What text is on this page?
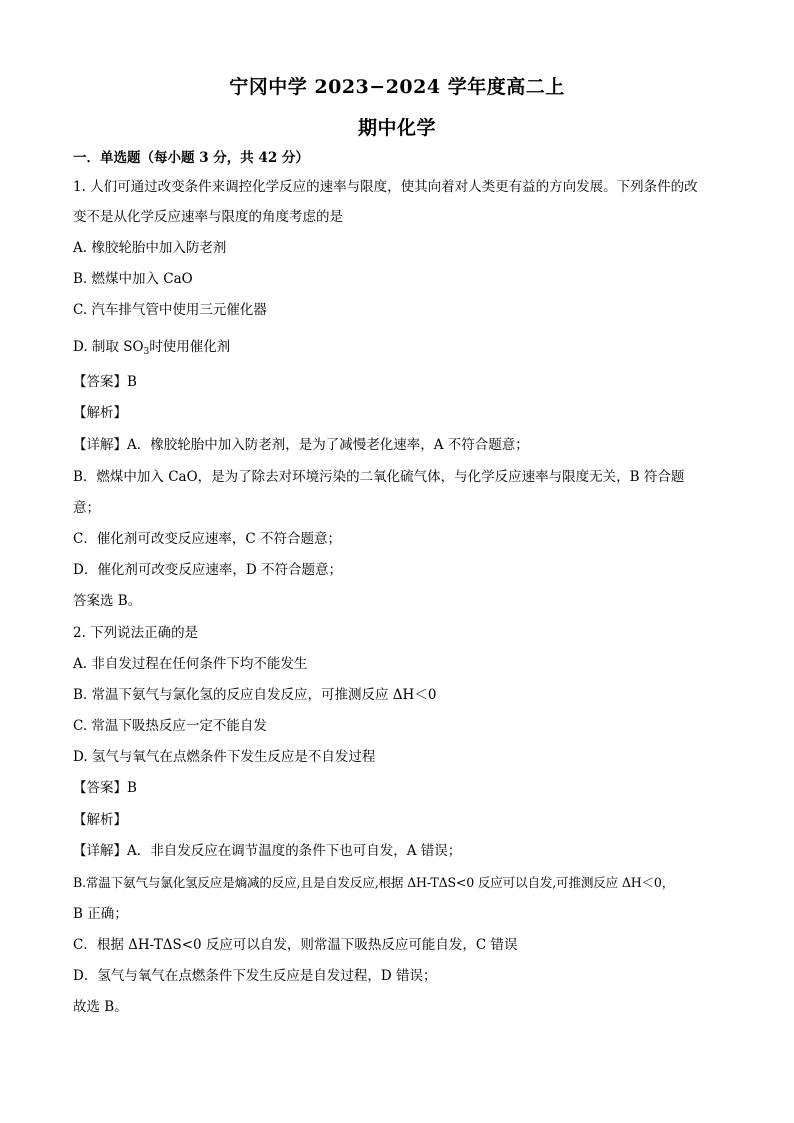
宁冈中学 2023−2024 学年度高二上
期中化学
一．单选题（每小题 3 分，共 42 分）
1. 人们可通过改变条件来调控化学反应的速率与限度，使其向着对人类更有益的方向发展。下列条件的改
变不是从化学反应速率与限度的角度考虑的是
A. 橡胶轮胎中加入防老剂
B. 燃煤中加入 CaO
C. 汽车排气管中使用三元催化器
D. 制取 $SO_3$时使用催化剂
【答案】B
【解析】
【详解】A．橡胶轮胎中加入防老剂，是为了减慢老化速率，A 不符合题意；
B．燃煤中加入 CaO，是为了除去对环境污染的二氧化硫气体，与化学反应速率与限度无关，B 符合题
意；
C．催化剂可改变反应速率，C 不符合题意；
D．催化剂可改变反应速率，D 不符合题意；
答案选 B。
2. 下列说法正确的是
A. 非自发过程在任何条件下均不能发生
B. 常温下氨气与氯化氢的反应自发反应，可推测反应 ΔH＜0
C. 常温下吸热反应一定不能自发
D. 氢气与氧气在点燃条件下发生反应是不自发过程
【答案】B
【解析】
【详解】A．非自发反应在调节温度的条件下也可自发，A 错误；
B.常温下氨气与氯化氢反应是熵减的反应,且是自发反应,根据 ΔH-TΔS<0 反应可以自发,可推测反应 ΔH＜0，
B 正确；
C．根据 ΔH-TΔS<0 反应可以自发，则常温下吸热反应可能自发，C 错误
D．氢气与氧气在点燃条件下发生反应是自发过程，D 错误；
故选 B。
